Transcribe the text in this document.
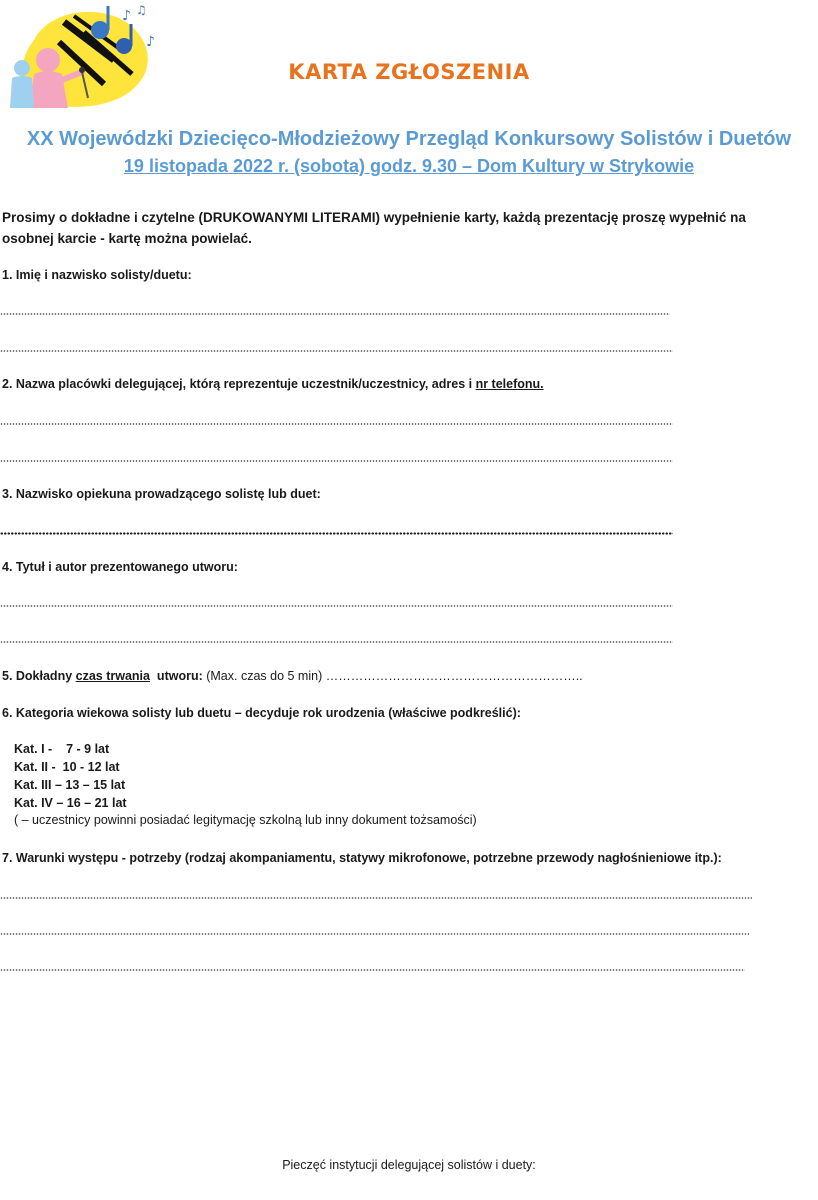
♪ ♫
♪
KARTA ZGŁOSZENIA
XX Wojewódzki Dziecięco-Młodzieżowy Przegląd Konkursowy Solistów i Duetów
19 listopada 2022 r. (sobota) godz. 9.30 – Dom Kultury w Strykowie
Prosimy o dokładne i czytelne (DRUKOWANYMI LITERAMI) wypełnienie karty, każdą prezentację proszę wypełnić na osobnej karcie - kartę można powielać.
1. Imię i nazwisko solisty/duetu:
2. Nazwa placówki delegującej, którą reprezentuje uczestnik/uczestnicy, adres i nr telefonu.
3. Nazwisko opiekuna prowadzącego solistę lub duet:
4. Tytuł i autor prezentowanego utworu:
5. Dokładny czas trwania  utworu: (Max. czas do 5 min) ……………………………………………………..
6. Kategoria wiekowa solisty lub duetu – decyduje rok urodzenia (właściwe podkreślić):
Kat. I -    7 - 9 lat
Kat. II -  10 - 12 lat
Kat. III – 13 – 15 lat
Kat. IV – 16 – 21 lat
( – uczestnicy powinni posiadać legitymację szkolną lub inny dokument tożsamości)
7. Warunki występu - potrzeby (rodzaj akompaniamentu, statywy mikrofonowe, potrzebne przewody nagłośnieniowe itp.):
Pieczęć instytucji delegującej solistów i duety:
